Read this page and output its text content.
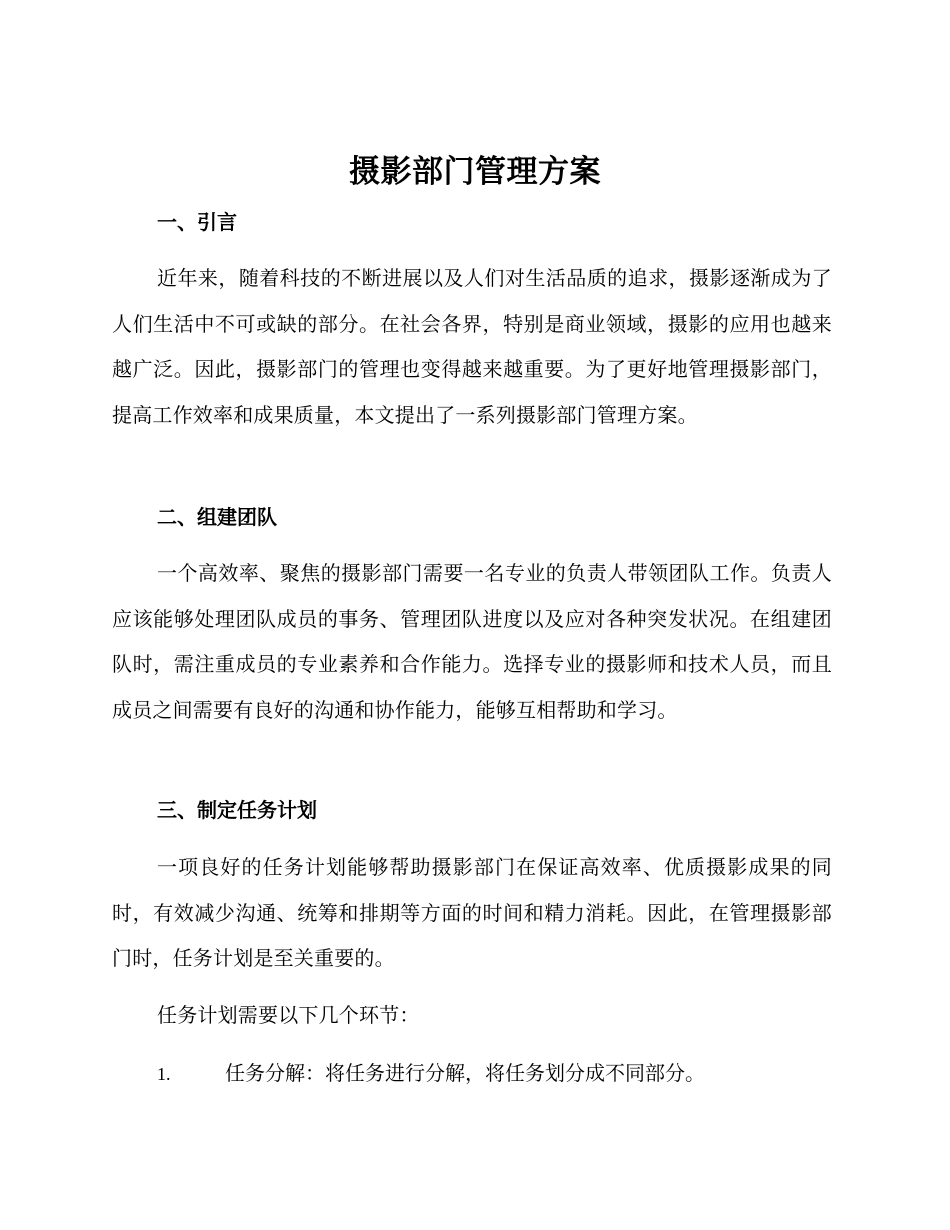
摄影部门管理方案
一、引言

近年来，随着科技的不断进展以及人们对生活品质的追求，摄影逐渐成为了人们生活中不可或缺的部分。在社会各界，特别是商业领域，摄影的应用也越来越广泛。因此，摄影部门的管理也变得越来越重要。为了更好地管理摄影部门，提高工作效率和成果质量，本文提出了一系列摄影部门管理方案。

二、组建团队

一个高效率、聚焦的摄影部门需要一名专业的负责人带领团队工作。负责人应该能够处理团队成员的事务、管理团队进度以及应对各种突发状况。在组建团队时，需注重成员的专业素养和合作能力。选择专业的摄影师和技术人员，而且成员之间需要有良好的沟通和协作能力，能够互相帮助和学习。

三、制定任务计划

一项良好的任务计划能够帮助摄影部门在保证高效率、优质摄影成果的同时，有效减少沟通、统筹和排期等方面的时间和精力消耗。因此，在管理摄影部门时，任务计划是至关重要的。

任务计划需要以下几个环节：

1.	任务分解：将任务进行分解，将任务划分成不同部分。
